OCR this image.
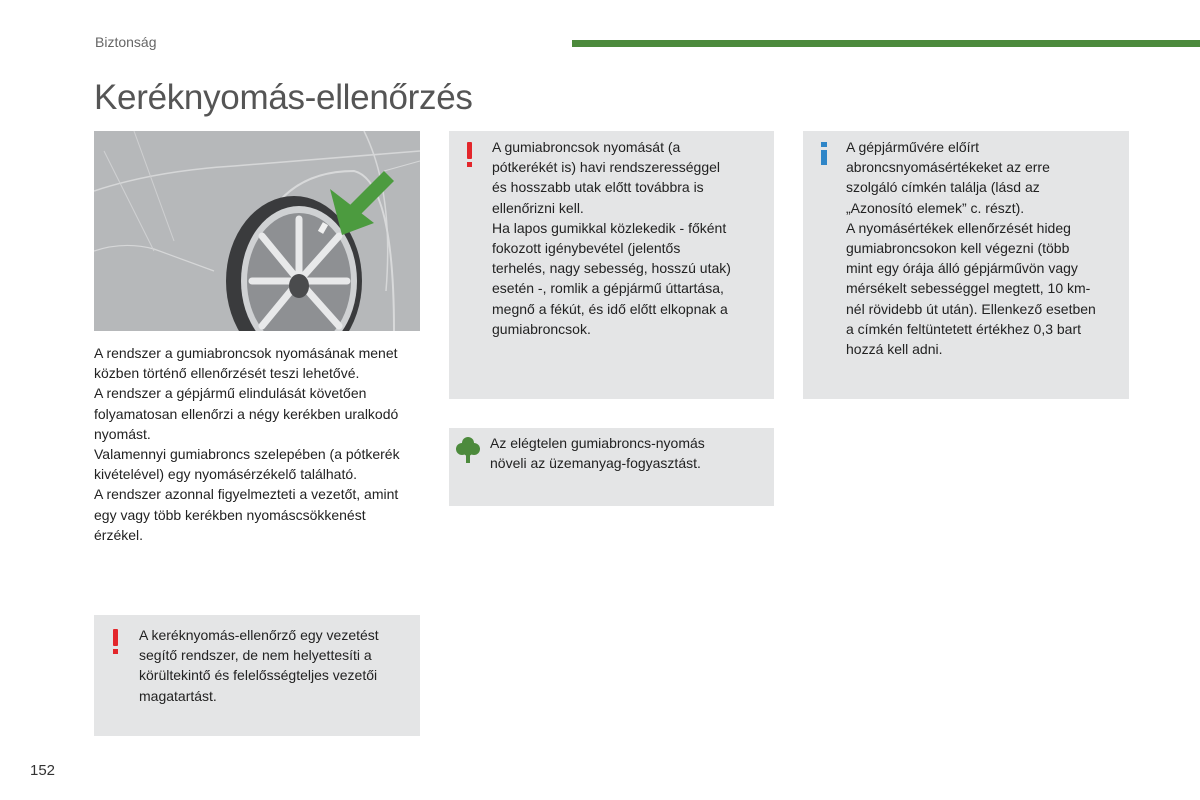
Biztonság
Keréknyomás-ellenőrzés

A rendszer a gumiabroncsok nyomásának menet közben történő ellenőrzését teszi lehetővé.

A rendszer a gépjármű elindulását követően folyamatosan ellenőrzi a négy kerékben uralkodó nyomást.

Valamennyi gumiabroncs szelepében (a pótkerék kivételével) egy nyomásérzékelő található.

A rendszer azonnal figyelmezteti a vezetőt, amint egy vagy több kerékben nyomáscsökkenést érzékel.

A keréknyomás-ellenőrző egy vezetést

segítő rendszer, de nem helyettesíti a

körültekintő és felelősségteljes vezetői

magatartást.

A gumiabroncsok nyomását (a

pótkerékét is) havi rendszerességgel

és hosszabb utak előtt továbbra is

ellenőrizni kell.

Ha lapos gumikkal közlekedik - főként

fokozott igénybevétel (jelentős

terhelés, nagy sebesség, hosszú utak)

esetén -, romlik a gépjármű úttartása,

megnő a fékút, és idő előtt elkopnak a

gumiabroncsok.

Az elégtelen gumiabroncs-nyomás

növeli az üzemanyag-fogyasztást.

A gépjárművére előírt

abroncsnyomásértékeket az erre

szolgáló címkén találja (lásd az

„Azonosító elemek” c. részt).

A nyomásértékek ellenőrzését hideg

gumiabroncsokon kell végezni (több

mint egy órája álló gépjárművön vagy

mérsékelt sebességgel megtett, 10 km-

nél rövidebb út után). Ellenkező esetben

a címkén feltüntetett értékhez 0,3 bart

hozzá kell adni.

152
